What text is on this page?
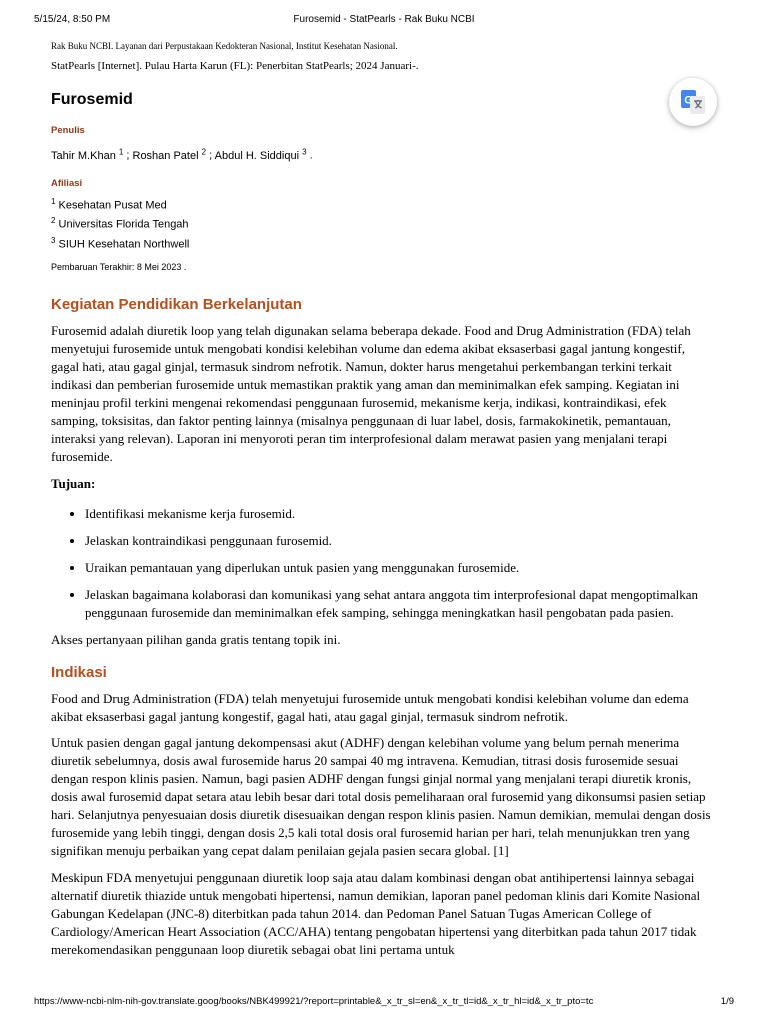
5/15/24, 8:50 PM	Furosemid - StatPearls - Rak Buku NCBI

Rak Buku NCBI. Layanan dari Perpustakaan Kedokteran Nasional, Institut Kesehatan Nasional.

StatPearls [Internet]. Pulau Harta Karun (FL): Penerbitan StatPearls; 2024 Januari-.

Furosemid

Penulis

Tahir M.Khan $^1$ ; Roshan Patel $^2$ ; Abdul H. Siddiqui $^3$ .

Afiliasi

$^1$ Kesehatan Pusat Med

$^2$ Universitas Florida Tengah

$^3$ SIUH Kesehatan Northwell

Pembaruan Terakhir: 8 Mei 2023 .

Kegiatan Pendidikan Berkelanjutan

Furosemid adalah diuretik loop yang telah digunakan selama beberapa dekade. Food and Drug Administration (FDA) telah menyetujui furosemide untuk mengobati kondisi kelebihan volume dan edema akibat eksaserbasi gagal jantung kongestif, gagal hati, atau gagal ginjal, termasuk sindrom nefrotik. Namun, dokter harus mengetahui perkembangan terkini terkait indikasi dan pemberian furosemide untuk memastikan praktik yang aman dan meminimalkan efek samping. Kegiatan ini meninjau profil terkini mengenai rekomendasi penggunaan furosemid, mekanisme kerja, indikasi, kontraindikasi, efek samping, toksisitas, dan faktor penting lainnya (misalnya penggunaan di luar label, dosis, farmakokinetik, pemantauan, interaksi yang relevan). Laporan ini menyoroti peran tim interprofesional dalam merawat pasien yang menjalani terapi furosemide.

Tujuan:

• Identifikasi mekanisme kerja furosemid.
• Jelaskan kontraindikasi penggunaan furosemid.
• Uraikan pemantauan yang diperlukan untuk pasien yang menggunakan furosemide.
• Jelaskan bagaimana kolaborasi dan komunikasi yang sehat antara anggota tim interprofesional dapat mengoptimalkan penggunaan furosemide dan meminimalkan efek samping, sehingga meningkatkan hasil pengobatan pada pasien.

Akses pertanyaan pilihan ganda gratis tentang topik ini.

Indikasi

Food and Drug Administration (FDA) telah menyetujui furosemide untuk mengobati kondisi kelebihan volume dan edema akibat eksaserbasi gagal jantung kongestif, gagal hati, atau gagal ginjal, termasuk sindrom nefrotik.

Untuk pasien dengan gagal jantung dekompensasi akut (ADHF) dengan kelebihan volume yang belum pernah menerima diuretik sebelumnya, dosis awal furosemide harus 20 sampai 40 mg intravena. Kemudian, titrasi dosis furosemide sesuai dengan respon klinis pasien. Namun, bagi pasien ADHF dengan fungsi ginjal normal yang menjalani terapi diuretik kronis, dosis awal furosemid dapat setara atau lebih besar dari total dosis pemeliharaan oral furosemid yang dikonsumsi pasien setiap hari. Selanjutnya penyesuaian dosis diuretik disesuaikan dengan respon klinis pasien. Namun demikian, memulai dengan dosis furosemide yang lebih tinggi, dengan dosis 2,5 kali total dosis oral furosemid harian per hari, telah menunjukkan tren yang signifikan menuju perbaikan yang cepat dalam penilaian gejala pasien secara global. [1]

Meskipun FDA menyetujui penggunaan diuretik loop saja atau dalam kombinasi dengan obat antihipertensi lainnya sebagai alternatif diuretik thiazide untuk mengobati hipertensi, namun demikian, laporan panel pedoman klinis dari Komite Nasional Gabungan Kedelapan (JNC-8) diterbitkan pada tahun 2014. dan Pedoman Panel Satuan Tugas American College of Cardiology/American Heart Association (ACC/AHA) tentang pengobatan hipertensi yang diterbitkan pada tahun 2017 tidak merekomendasikan penggunaan loop diuretik sebagai obat lini pertama untuk

G
https://www-ncbi-nlm-nih-gov.translate.goog/books/NBK499921/?report=printable&_x_tr_sl=en&_x_tr_tl=id&_x_tr_hl=id&_x_tr_pto=tc	1/9
